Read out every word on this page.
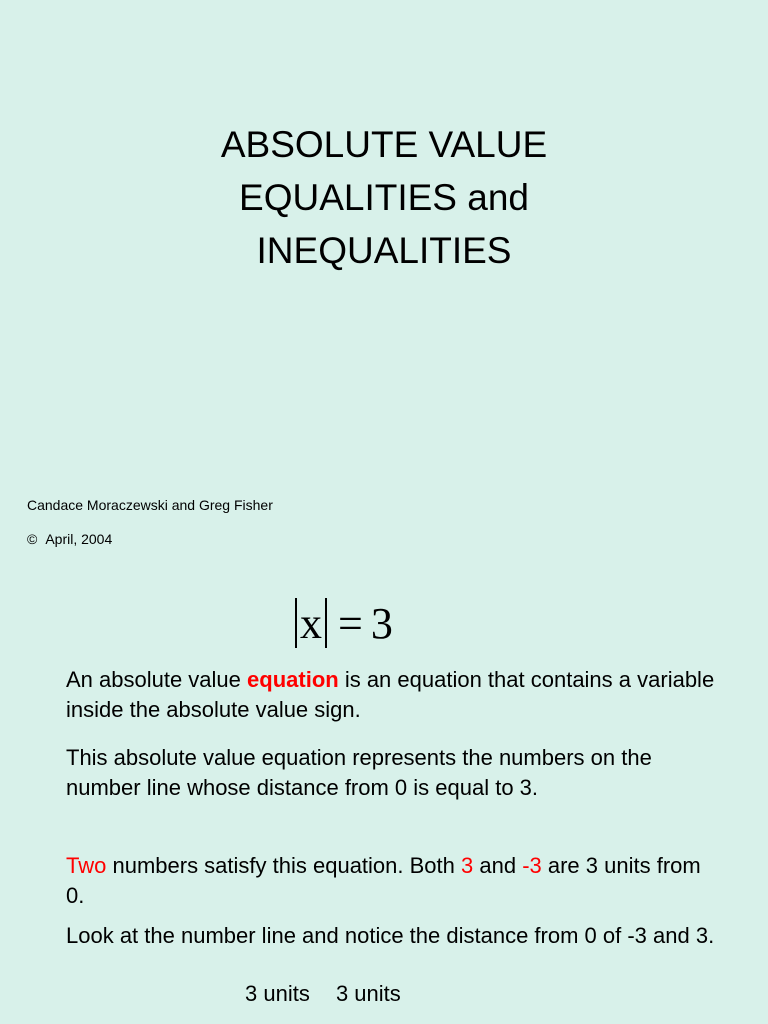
ABSOLUTE VALUE
EQUALITIES and
INEQUALITIES
Candace Moraczewski and Greg Fisher
© April, 2004
x = 3
An absolute value equation is an equation that contains a variable inside the absolute value sign.
This absolute value equation represents the numbers on the number line whose distance from 0 is equal to 3.
Two numbers satisfy this equation. Both 3 and -3 are 3 units from 0.
Look at the number line and notice the distance from 0 of -3 and 3.
3 units 3 units
